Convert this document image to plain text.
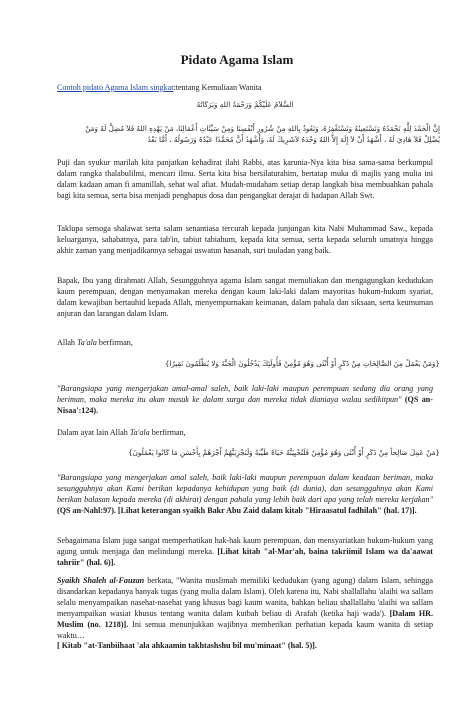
Pidato Agama Islam
Contoh pidato Agama Islam singkat:tentang Kemuliaan Wanita
السَّلاَمُ عَلَيْكُمْ وَرَحْمَةُ اللهِ وَبَرَكَاتُهُ
إِنَّ الْحَمْدَ لِلَّهِ نَحْمَدُهُ وَنَسْتَعِينُهُ وَنَسْتَغْفِرُهُ، وَنَعُوذُ بِاللهِ مِنْ شُرُورِ أَنْفُسِنَا وَمِنْ سَيِّئَاتِ أَعْمَالِنَا، مَنْ يَهْدِهِ اللهُ فَلاَ مُضِلَّ لَهُ وَمَنْ
يُضْلِلْ فَلاَ هَادِيَ لَهُ ، أَشْهَدُ أَنْ لاَ إِلَهَ إِلاَّ اللهُ وَحْدَهُ لاَشَرِيكَ لَهُ، وَأَشْهَدُ أَنَّ مُحَمَّدًا عَبْدُهُ وَرَسُولُهُ ، أَمَّا بَعْدُ
Puji dan syukur marilah kita panjatkan kehadirat ilahi Rabbi, atas karunia-Nya kita bisa sama-sama berkumpul dalam rangka thalabulilmi, mencari ilmu. Serta kita bisa bersilaturahim, bertatap muka di majlis yang mulia ini dalam kadaan aman fi amanillah, sehat wal afiat. Mudah-mudaham setiap derap langkah bisa membuahkan pahala bagi kita semua, serta bisa menjadi penghapus dosa dan pengangkat derajat di hadapan Allah Swt.
Taklupa semoga shalawat serta salam senantiasa tercurah kepada junjungan kita Nabi Muhammad Saw., kepada keluarganya, sahabatnya, para tab'in, tabiut tabiahum, kepada kita semua, serta kepada seluruh umatnya hingga akhir zaman yang menjadikannya sebagai uswatun hasanah, suri tauladan yang baik.
Bapak, Ibu yang dirahmati Allah, Sesungguhnya agama Islam sangat memuliakan dan mengagungkan kedudukan kaum perempuan, dengan menyamakan mereka dengan kaum laki-laki dalam mayoritas hukum-hukum syariat, dalam kewajiban bertauhid kepada Allah, menyempurnakan keimanan, dalam pahala dan siksaan, serta keumuman anjuran dan larangan dalam Islam.
Allah Ta'ala berfirman,
{وَمَنْ يَعْمَلْ مِنَ الصَّالِحَاتِ مِنْ ذَكَرٍ أَوْ أُنْثَى وَهُوَ مُؤْمِنٌ فَأُولَئِكَ يَدْخُلُونَ الْجَنَّةَ وَلا يُظْلَمُونَ نَقِيرًا}
"Barangsiapa yang mengerjakan amal-amal saleh, baik laki-laki maupun perempuan sedang dia orang yang beriman, maka mereka itu akan masuk ke dalam surga dan mereka tidak dianiaya walau sedikitpun" (QS an-Nisaa':124).
Dalam ayat lain Allah Ta'ala berfirman,
{مَنْ عَمِلَ صَالِحاً مِنْ ذَكَرٍ أَوْ أُنْثَى وَهُوَ مُؤْمِنٌ فَلَنُحْيِيَنَّهُ حَيَاةً طَيِّبَةً وَلَنَجْزِيَنَّهُمْ أَجْرَهُمْ بِأَحْسَنِ مَا كَانُوا يَعْمَلُونَ}
"Barangsiapa yang mengerjakan amal saleh, baik laki-laki maupun perempuan dalam keadaan beriman, maka sesungguhnya akan Kami berikan kepadanya kehidupan yang baik (di dunia), dan sesungguhnya akan Kami berikan balasan kepada mereka (di akhirat) dengan pahala yang lebih baik dari apa yang telah mereka kerjakan" (QS an-Nahl:97). [Lihat keterangan syaikh Bakr Abu Zaid dalam kitab "Hiraasatul fadhilah" (hal. 17)].
Sebagaimana Islam juga sangat memperhatikan hak-hak kaum perempuan, dan mensyariatkan hukum-hukum yang agung untuk menjaga dan melindungi mereka. [Lihat kitab "al-Mar'ah, baina takriimil Islam wa da'aawat tahriir" (hal. 6)].
Syaikh Shaleh al-Fauzan berkata, "Wanita muslimah memiliki kedudukan (yang agung) dalam Islam, sehingga disandarkan kepadanya banyak tugas (yang mulia dalam Islam). Oleh karena itu, Nabi shallallahu 'alaihi wa sallam selalu menyampaikan nasehat-nasehat yang khusus bagi kaum wanita, bahkan beliau shallallahu 'alaihi wa sallam menyampaikan wasiat khusus tentang wanita dalam kutbah beliau di Arafah (ketika haji wada'). [Dalam HR. Muslim (no. 1218)]. Ini semua menunjukkan wajibnya memberikan perhatian kepada kaum wanita di setiap waktu…
[ Kitab "at-Tanbiihaat 'ala ahkaamin takhtashshu bil mu'minaat" (hal. 5)].
